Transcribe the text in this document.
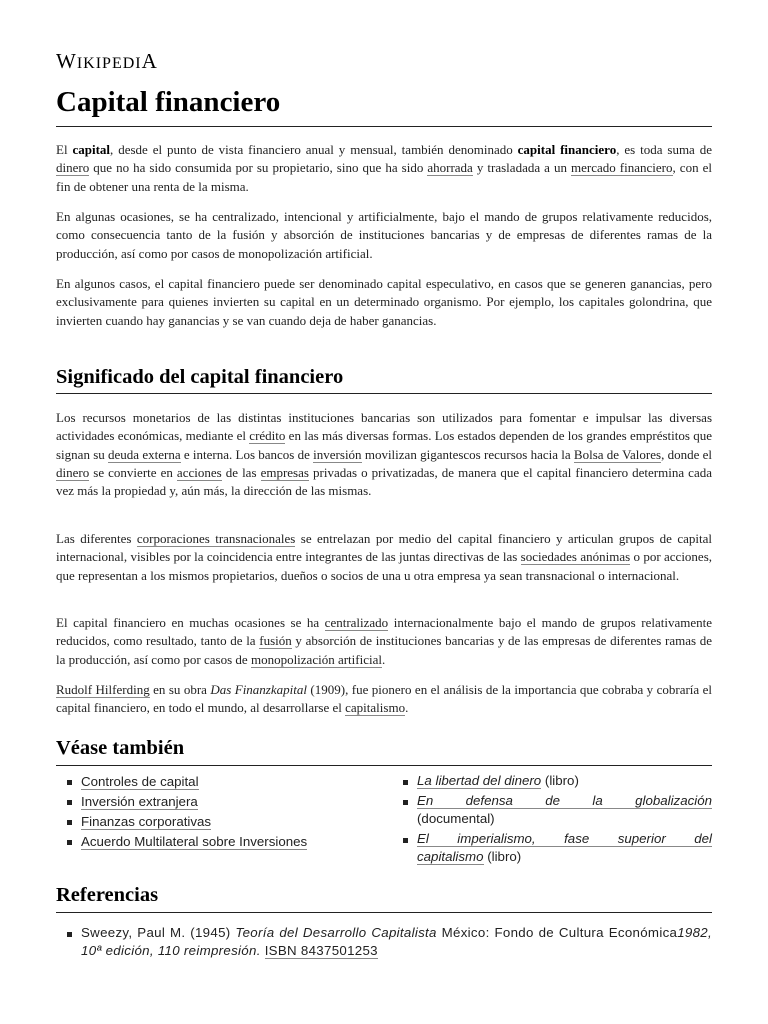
WIKIPEDIA
Capital financiero

El capital, desde el punto de vista financiero anual y mensual, también denominado capital financiero, es toda suma de dinero que no ha sido consumida por su propietario, sino que ha sido ahorrada y trasladada a un mercado financiero, con el fin de obtener una renta de la misma.

En algunas ocasiones, se ha centralizado, intencional y artificialmente, bajo el mando de grupos relativamente reducidos, como consecuencia tanto de la fusión y absorción de instituciones bancarias y de empresas de diferentes ramas de la producción, así como por casos de monopolización artificial.

En algunos casos, el capital financiero puede ser denominado capital especulativo, en casos que se generen ganancias, pero exclusivamente para quienes invierten su capital en un determinado organismo. Por ejemplo, los capitales golondrina, que invierten cuando hay ganancias y se van cuando deja de haber ganancias.

Significado del capital financiero

Los recursos monetarios de las distintas instituciones bancarias son utilizados para fomentar e impulsar las diversas actividades económicas, mediante el crédito en las más diversas formas. Los estados dependen de los grandes empréstitos que signan su deuda externa e interna. Los bancos de inversión movilizan gigantescos recursos hacia la Bolsa de Valores, donde el dinero se convierte en acciones de las empresas privadas o privatizadas, de manera que el capital financiero determina cada vez más la propiedad y, aún más, la dirección de las mismas.

Las diferentes corporaciones transnacionales se entrelazan por medio del capital financiero y articulan grupos de capital internacional, visibles por la coincidencia entre integrantes de las juntas directivas de las sociedades anónimas o por acciones, que representan a los mismos propietarios, dueños o socios de una u otra empresa ya sean transnacional o internacional.

El capital financiero en muchas ocasiones se ha centralizado internacionalmente bajo el mando de grupos relativamente reducidos, como resultado, tanto de la fusión y absorción de instituciones bancarias y de las empresas de diferentes ramas de la producción, así como por casos de monopolización artificial.

Rudolf Hilferding en su obra Das Finanzkapital (1909), fue pionero en el análisis de la importancia que cobraba y cobraría el capital financiero, en todo el mundo, al desarrollarse el capitalismo.

Véase también
Controles de capital
Inversión extranjera
Finanzas corporativas
Acuerdo Multilateral sobre Inversiones
La libertad del dinero (libro)
En defensa de la globalización
(documental)
El imperialismo, fase superior del
capitalismo (libro)
Referencias
Sweezy, Paul M. (1945) Teoría del Desarrollo Capitalista México: Fondo de Cultura Económica1982, 10ª edición, 110 reimpresión. ISBN 8437501253
